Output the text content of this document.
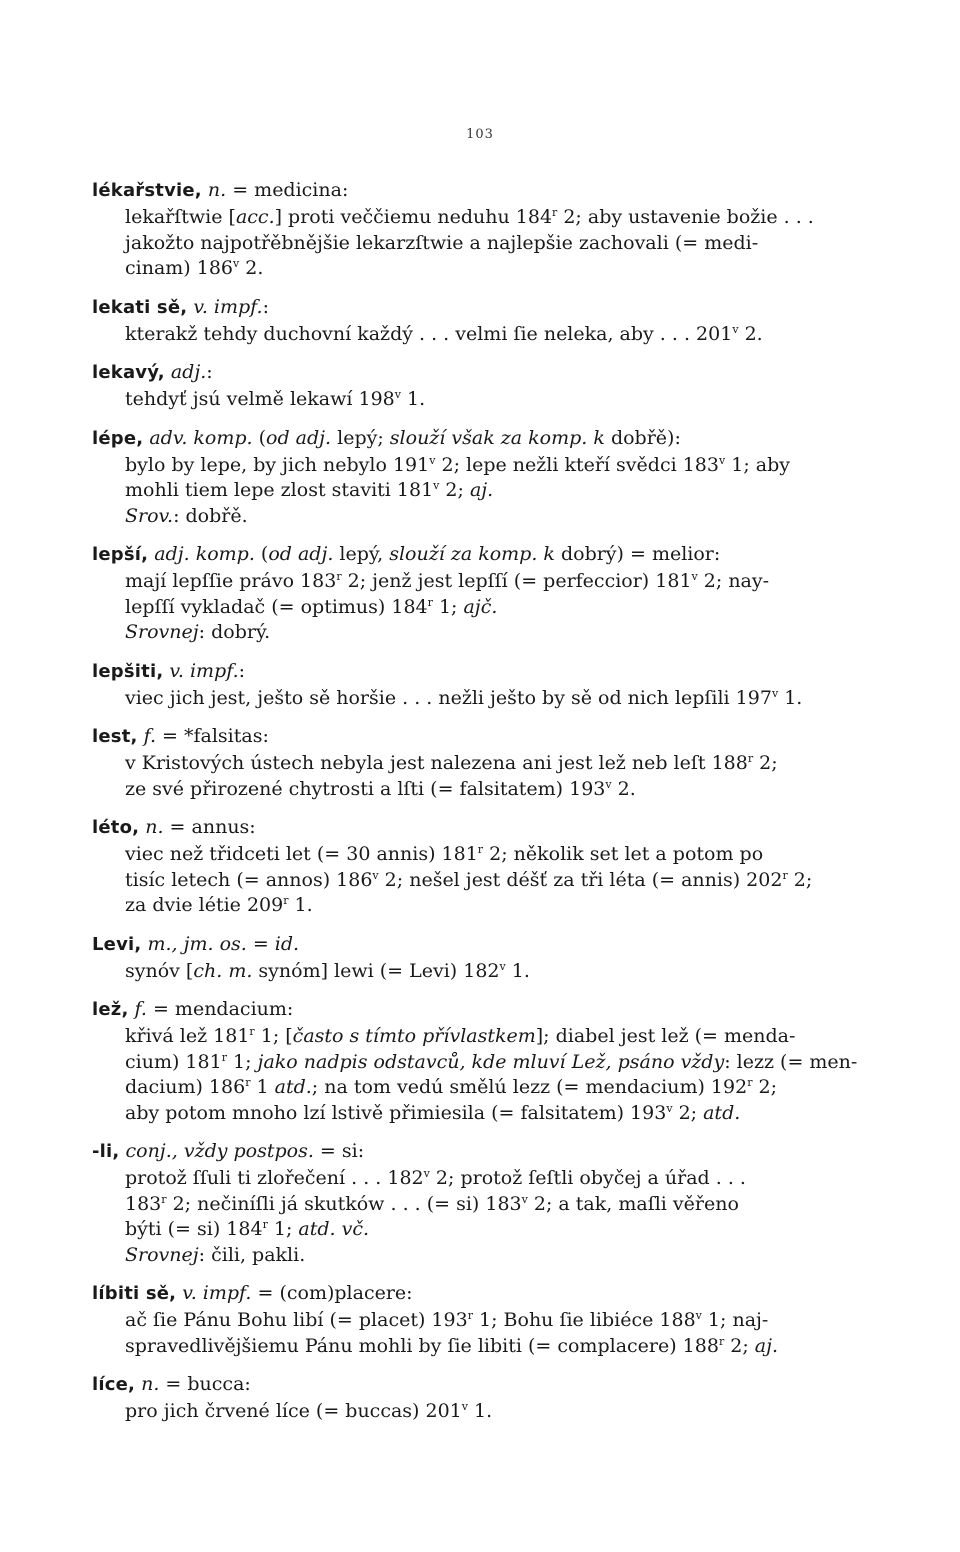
103
lékařstvie, n. = medicina:
lekařſtwie [acc.] proti veččiemu neduhu 184$^r$ 2; aby ustavenie božie . . .
jakožto najpotřěbnějšie lekarzſtwie a najlepšie zachovali (= medi-
cinam) 186$^v$ 2.
lekati sě, v. impf.:
kterakž tehdy duchovní každý . . . velmi ſie neleka, aby . . . 201$^v$ 2.
lekavý, adj.:
tehdyť jsú velmě lekawí 198$^v$ 1.
lépe, adv. komp. (od adj. lepý; slouží však za komp. k dobřě):
bylo by lepe, by jich nebylo 191$^v$ 2; lepe nežli kteří svědci 183$^v$ 1; aby
mohli tiem lepe zlost staviti 181$^v$ 2; aj.
Srov.: dobřě.
lepší, adj. komp. (od adj. lepý, slouží za komp. k dobrý) = melior:
mají lepſſie právo 183$^r$ 2; jenž jest lepſſí (= perfeccior) 181$^v$ 2; nay-
lepſſí vykladač (= optimus) 184$^r$ 1; ajč.
Srovnej: dobrý.
lepšiti, v. impf.:
viec jich jest, ješto sě horšie . . . nežli ješto by sě od nich lepſili 197$^v$ 1.
lest, f. = *falsitas:
v Kristových ústech nebyla jest nalezena ani jest lež neb leſt 188$^r$ 2;
ze své přirozené chytrosti a lſti (= falsitatem) 193$^v$ 2.
léto, n. = annus:
viec než třidceti let (= 30 annis) 181$^r$ 2; několik set let a potom po
tisíc letech (= annos) 186$^v$ 2; nešel jest déšť za tři léta (= annis) 202$^r$ 2;
za dvie létie 209$^r$ 1.
Levi, m., jm. os. = id.
synóv [ch. m. synóm] lewi (= Levi) 182$^v$ 1.
lež, f. = mendacium:
křivá lež 181$^r$ 1; [často s tímto přívlastkem]; diabel jest lež (= menda-
cium) 181$^r$ 1; jako nadpis odstavců, kde mluví Lež, psáno vždy: lezz (= men-
dacium) 186$^r$ 1 atd.; na tom vedú smělú lezz (= mendacium) 192$^r$ 2;
aby potom mnoho lzí lstivě přimiesila (= falsitatem) 193$^v$ 2; atd.
-li, conj., vždy postpos. = si:
protož ſſuli ti zlořečení . . . 182$^v$ 2; protož ſeſtli obyčej a úřad . . .
183$^r$ 2; nečiníſli já skutków . . . (= si) 183$^v$ 2; a tak, maſli věřeno
býti (= si) 184$^r$ 1; atd. vč.
Srovnej: čili, pakli.
líbiti sě, v. impf. = (com)placere:
ač ſie Pánu Bohu libí (= placet) 193$^r$ 1; Bohu ſie libiéce 188$^v$ 1; naj-
spravedlivějšiemu Pánu mohli by ſie libiti (= complacere) 188$^r$ 2; aj.
líce, n. = bucca:
pro jich črvené líce (= buccas) 201$^v$ 1.
